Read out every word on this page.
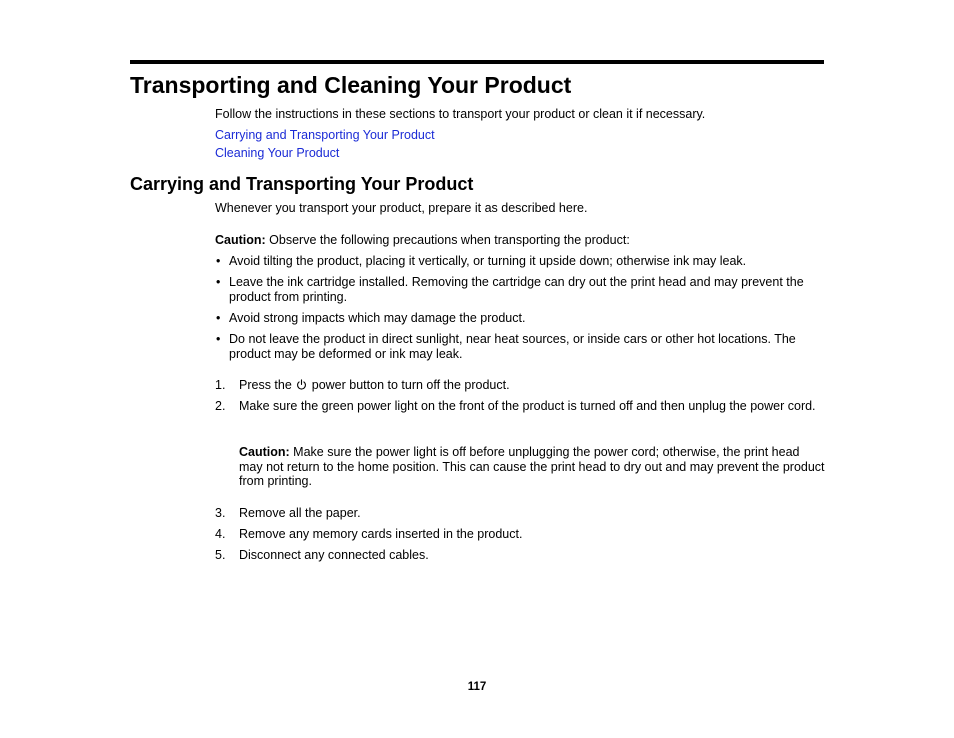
Transporting and Cleaning Your Product
Follow the instructions in these sections to transport your product or clean it if necessary.
Carrying and Transporting Your Product
Cleaning Your Product
Carrying and Transporting Your Product
Whenever you transport your product, prepare it as described here.
Caution: Observe the following precautions when transporting the product:
• Avoid tilting the product, placing it vertically, or turning it upside down; otherwise ink may leak.
• Leave the ink cartridge installed. Removing the cartridge can dry out the print head and may prevent the product from printing.
• Avoid strong impacts which may damage the product.
• Do not leave the product in direct sunlight, near heat sources, or inside cars or other hot locations. The product may be deformed or ink may leak.
1. Press the  power button to turn off the product.
2. Make sure the green power light on the front of the product is turned off and then unplug the power cord.
Caution: Make sure the power light is off before unplugging the power cord; otherwise, the print head may not return to the home position. This can cause the print head to dry out and may prevent the product from printing.
3. Remove all the paper.
4. Remove any memory cards inserted in the product.
5. Disconnect any connected cables.
117
